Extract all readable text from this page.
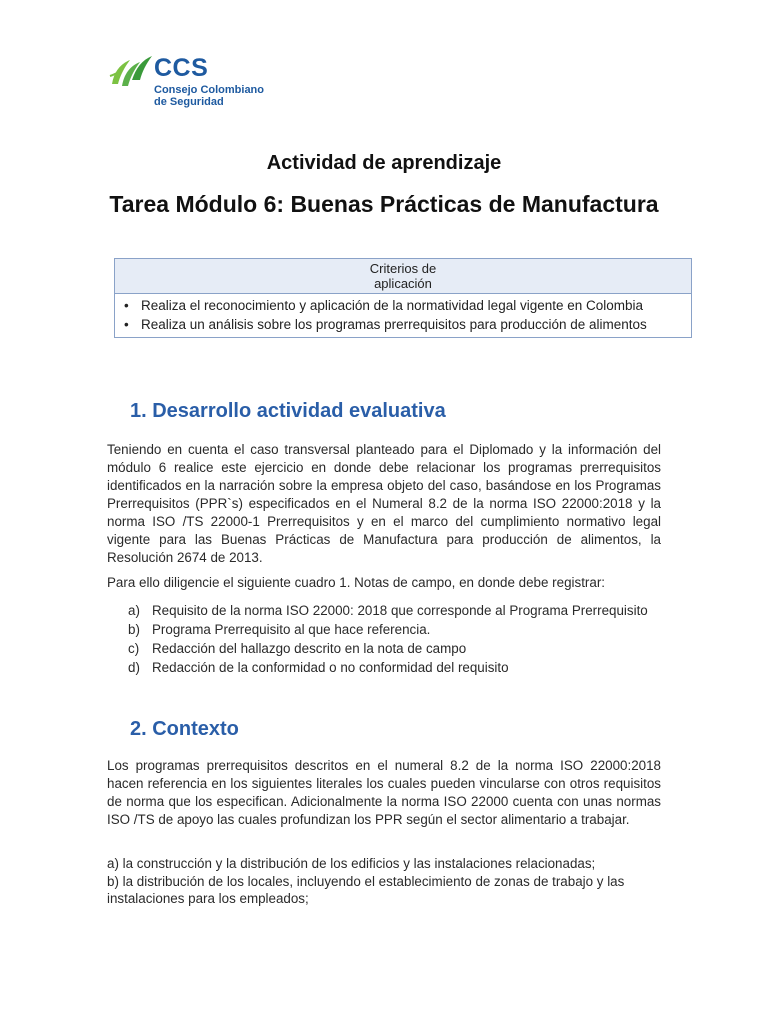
CCS
Consejo Colombiano
de Seguridad
Actividad de aprendizaje
Tarea Módulo 6: Buenas Prácticas de Manufactura
Criterios de
aplicación
• Realiza el reconocimiento y aplicación de la normatividad legal vigente en Colombia
• Realiza un análisis sobre los programas prerrequisitos para producción de alimentos
1. Desarrollo actividad evaluativa
Teniendo en cuenta el caso transversal planteado para el Diplomado y la información del módulo 6 realice este ejercicio en donde debe relacionar los programas prerrequisitos identificados en la narración sobre la empresa objeto del caso, basándose en los Programas Prerrequisitos (PPR`s) especificados en el Numeral 8.2 de la norma ISO 22000:2018 y la norma ISO /TS 22000-1 Prerrequisitos y en el marco del cumplimiento normativo legal vigente para las Buenas Prácticas de Manufactura para producción de alimentos, la Resolución 2674 de 2013.
Para ello diligencie el siguiente cuadro 1. Notas de campo, en donde debe registrar:
a) Requisito de la norma ISO 22000: 2018 que corresponde al Programa Prerrequisito
b) Programa Prerrequisito al que hace referencia.
c) Redacción del hallazgo descrito en la nota de campo
d) Redacción de la conformidad o no conformidad del requisito
2. Contexto
Los programas prerrequisitos descritos en el numeral 8.2 de la norma ISO 22000:2018 hacen referencia en los siguientes literales los cuales pueden vincularse con otros requisitos de norma que los especifican. Adicionalmente la norma ISO 22000 cuenta con unas normas ISO /TS de apoyo las cuales profundizan los PPR según el sector alimentario a trabajar.
a) la construcción y la distribución de los edificios y las instalaciones relacionadas;
b) la distribución de los locales, incluyendo el establecimiento de zonas de trabajo y las instalaciones para los empleados;
